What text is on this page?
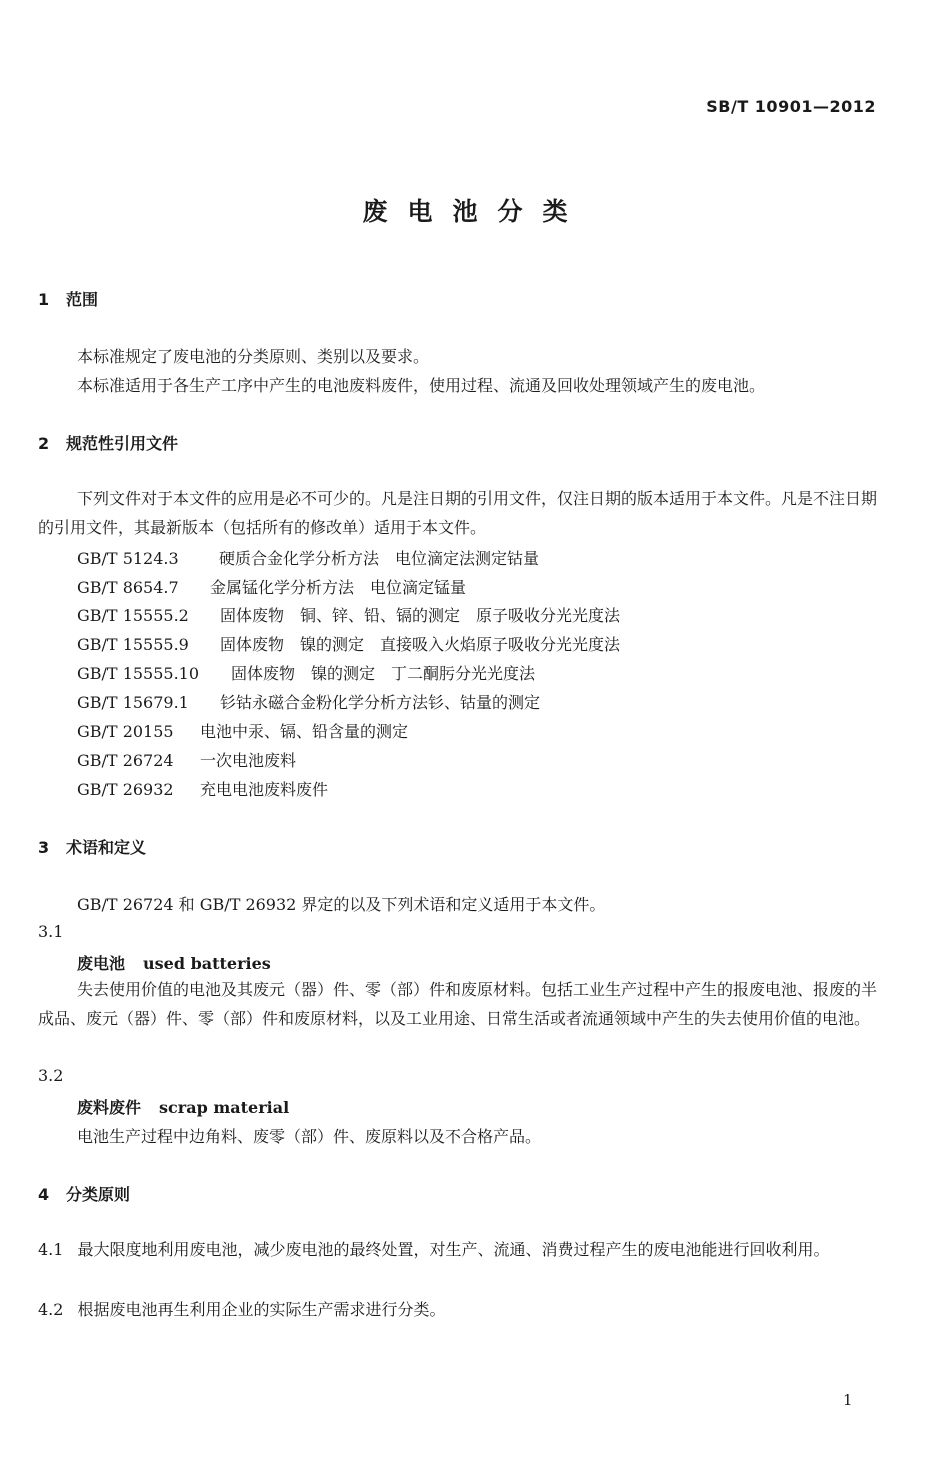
SB/T 10901—2012
废电池分类
1 范围
本标准规定了废电池的分类原则、类别以及要求。
本标准适用于各生产工序中产生的电池废料废件，使用过程、流通及回收处理领域产生的废电池。
2 规范性引用文件
下列文件对于本文件的应用是必不可少的。凡是注日期的引用文件，仅注日期的版本适用于本文件。凡是不注日期的引用文件，其最新版本（包括所有的修改单）适用于本文件。
GB/T 5124.3	硬质合金化学分析方法　电位滴定法测定钴量
GB/T 8654.7 金属锰化学分析方法　电位滴定锰量
GB/T 15555.2 固体废物　铜、锌、铅、镉的测定　原子吸收分光光度法
GB/T 15555.9 固体废物　镍的测定　直接吸入火焰原子吸收分光光度法
GB/T 15555.10 固体废物　镍的测定　丁二酮肟分光光度法
GB/T 15679.1 钐钴永磁合金粉化学分析方法钐、钴量的测定
GB/T 20155 电池中汞、镉、铅含量的测定
GB/T 26724 一次电池废料
GB/T 26932 充电电池废料废件
3 术语和定义
GB/T 26724 和 GB/T 26932 界定的以及下列术语和定义适用于本文件。
3.1
废电池 used batteries
失去使用价值的电池及其废元（器）件、零（部）件和废原材料。包括工业生产过程中产生的报废电池、报废的半成品、废元（器）件、零（部）件和废原材料，以及工业用途、日常生活或者流通领域中产生的失去使用价值的电池。
3.2
废料废件 scrap material
电池生产过程中边角料、废零（部）件、废原料以及不合格产品。
4 分类原则
4.1 最大限度地利用废电池，减少废电池的最终处置，对生产、流通、消费过程产生的废电池能进行回收利用。
4.2 根据废电池再生利用企业的实际生产需求进行分类。
1
